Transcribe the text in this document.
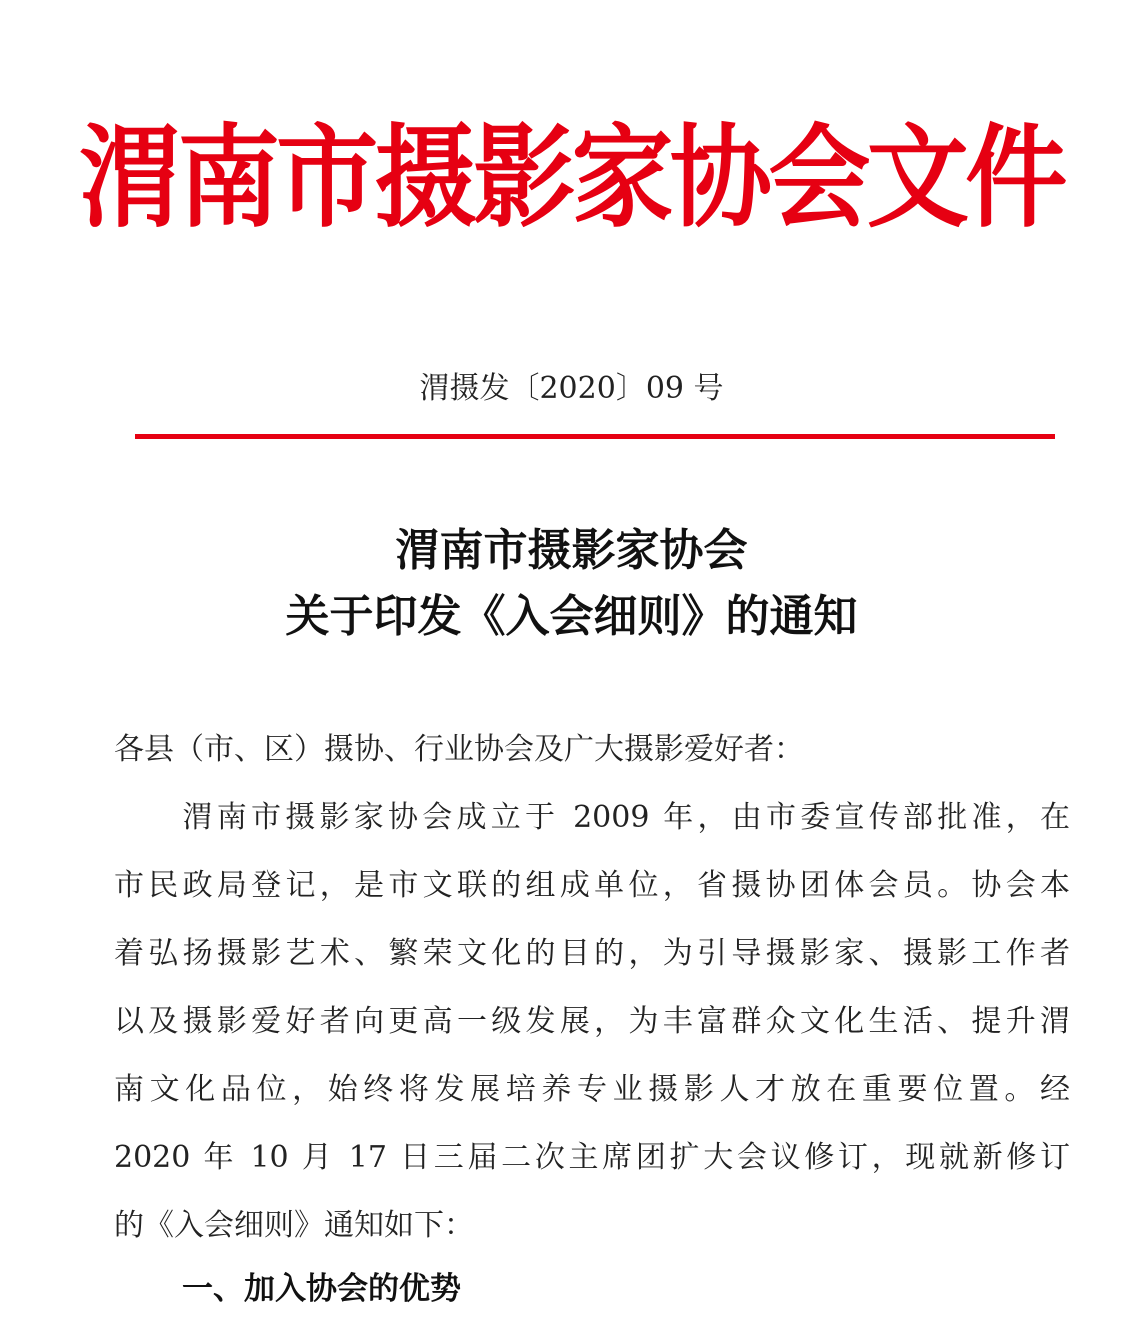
渭南市摄影家协会文件
渭摄发〔2020〕09 号
渭南市摄影家协会
关于印发《入会细则》的通知
各县（市、区）摄协、行业协会及广大摄影爱好者：
　　渭南市摄影家协会成立于 2009 年，由市委宣传部批准，在
市民政局登记，是市文联的组成单位，省摄协团体会员。协会本
着弘扬摄影艺术、繁荣文化的目的，为引导摄影家、摄影工作者
以及摄影爱好者向更高一级发展，为丰富群众文化生活、提升渭
南文化品位，始终将发展培养专业摄影人才放在重要位置。经
2020 年 10 月 17 日三届二次主席团扩大会议修订，现就新修订
的《入会细则》通知如下：
一、加入协会的优势
